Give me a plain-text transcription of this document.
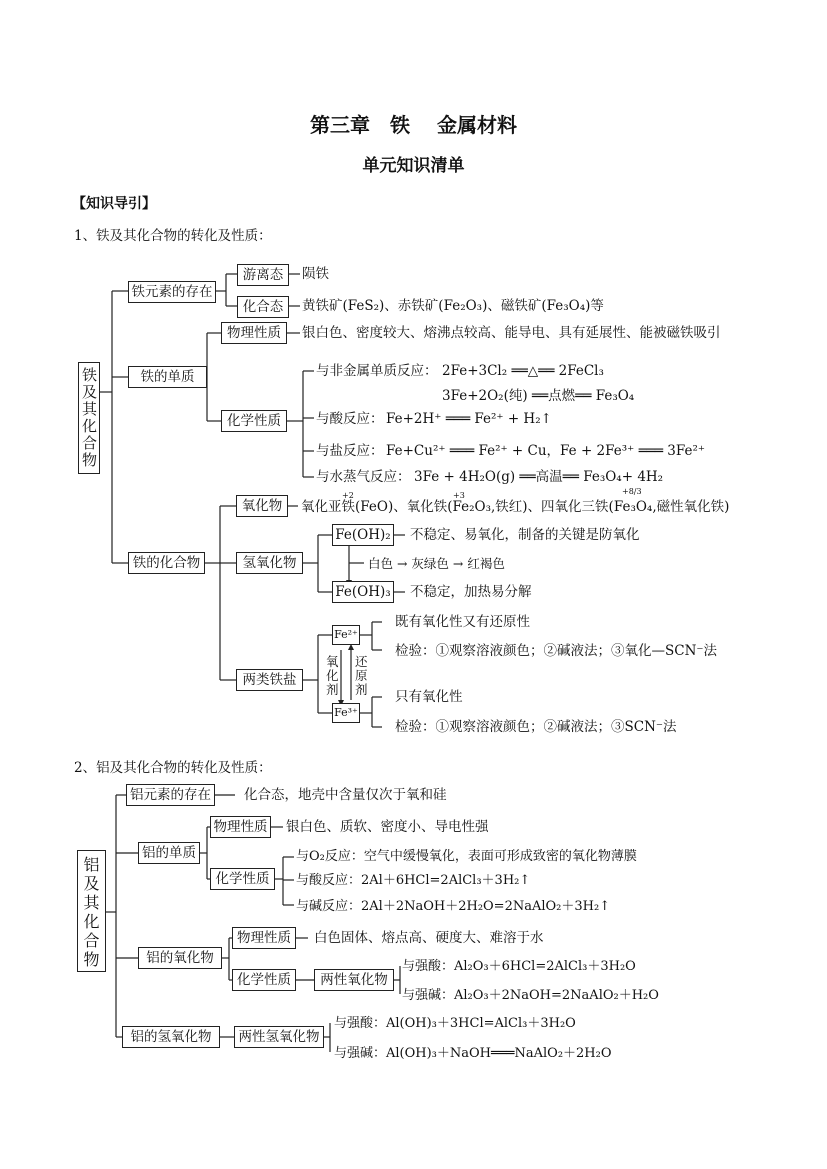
第三章　铁　 金属材料
单元知识清单
【知识导引】
1、铁及其化合物的转化及性质：
铁及其化合物
铁元素的存在
游离态	陨铁
化合态	黄铁矿(FeS₂)、赤铁矿(Fe₂O₃)、磁铁矿(Fe₃O₄)等
铁的单质
物理性质	银白色、密度较大、熔沸点较高、能导电、具有延展性、能被磁铁吸引
化学性质
与非金属单质反应： 2Fe+3Cl₂ ══△══ 2FeCl₃
3Fe+2O₂(纯) ══点燃══ Fe₃O₄
与酸反应： Fe+2H⁺ ═══ Fe²⁺ + H₂↑
与盐反应： Fe+Cu²⁺ ═══ Fe²⁺ + Cu，Fe + 2Fe³⁺ ═══ 3Fe²⁺
与水蒸气反应： 3Fe + 4H₂O(g) ══高温══ Fe₃O₄+ 4H₂
铁的化合物
氧化物
+2	+3	+8/3
氧化亚铁(FeO)、氧化铁(Fe₂O₃,铁红)、四氧化三铁(Fe₃O₄,磁性氧化铁)
氢氧化物
Fe(OH)₂ 不稳定、易氧化，制备的关键是防氧化
白色 → 灰绿色 → 红褐色
Fe(OH)₃ 不稳定，加热易分解
两类铁盐
Fe²⁺
既有氧化性又有还原性
检验：①观察溶液颜色；②碱液法；③氧化—SCN⁻法
氧化剂
还原剂
Fe³⁺
只有氧化性
检验：①观察溶液颜色；②碱液法；③SCN⁻法
2、铝及其化合物的转化及性质：
铝及其化合物
铝元素的存在 化合态，地壳中含量仅次于氧和硅
铝的单质
物理性质 银白色、质软、密度小、导电性强
化学性质
与O₂反应：空气中缓慢氧化，表面可形成致密的氧化物薄膜
与酸反应：2Al＋6HCl=2AlCl₃＋3H₂↑
与碱反应：2Al＋2NaOH＋2H₂O=2NaAlO₂＋3H₂↑
铝的氧化物
物理性质	白色固体、熔点高、硬度大、难溶于水
化学性质	两性氧化物
与强酸：Al₂O₃＋6HCl=2AlCl₃＋3H₂O
与强碱：Al₂O₃＋2NaOH=2NaAlO₂＋H₂O
铝的氢氧化物	两性氢氧化物
与强酸：Al(OH)₃＋3HCl=AlCl₃＋3H₂O
与强碱：Al(OH)₃＋NaOH═══NaAlO₂＋2H₂O
